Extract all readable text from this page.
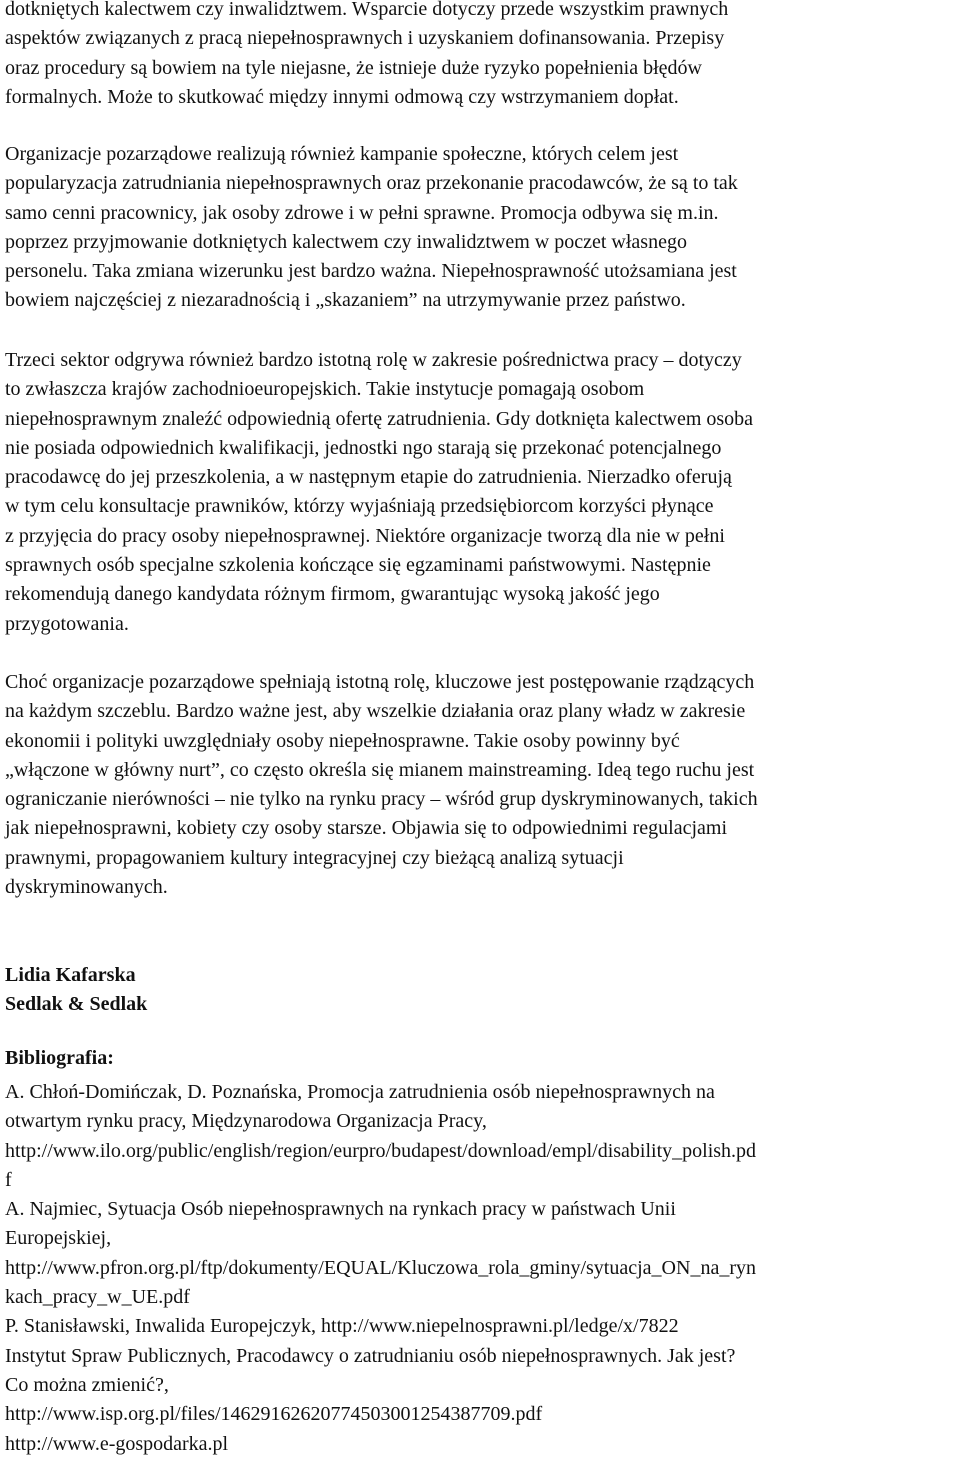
dotkniętych kalectwem czy inwalidztwem. Wsparcie dotyczy przede wszystkim prawnych
aspektów związanych z pracą niepełnosprawnych i uzyskaniem dofinansowania. Przepisy
oraz procedury są bowiem na tyle niejasne, że istnieje duże ryzyko popełnienia błędów
formalnych. Może to skutkować między innymi odmową czy wstrzymaniem dopłat.

Organizacje pozarządowe realizują również kampanie społeczne, których celem jest
popularyzacja zatrudniania niepełnosprawnych oraz przekonanie pracodawców, że są to tak
samo cenni pracownicy, jak osoby zdrowe i w pełni sprawne. Promocja odbywa się m.in.
poprzez przyjmowanie dotkniętych kalectwem czy inwalidztwem w poczet własnego
personelu. Taka zmiana wizerunku jest bardzo ważna. Niepełnosprawność utożsamiana jest
bowiem najczęściej z niezaradnością i „skazaniem” na utrzymywanie przez państwo.

Trzeci sektor odgrywa również bardzo istotną rolę w zakresie pośrednictwa pracy – dotyczy
to zwłaszcza krajów zachodnioeuropejskich. Takie instytucje pomagają osobom
niepełnosprawnym znaleźć odpowiednią ofertę zatrudnienia. Gdy dotknięta kalectwem osoba
nie posiada odpowiednich kwalifikacji, jednostki ngo starają się przekonać potencjalnego
pracodawcę do jej przeszkolenia, a w następnym etapie do zatrudnienia. Nierzadko oferują
w tym celu konsultacje prawników, którzy wyjaśniają przedsiębiorcom korzyści płynące
z przyjęcia do pracy osoby niepełnosprawnej. Niektóre organizacje tworzą dla nie w pełni
sprawnych osób specjalne szkolenia kończące się egzaminami państwowymi. Następnie
rekomendują danego kandydata różnym firmom, gwarantując wysoką jakość jego
przygotowania.

Choć organizacje pozarządowe spełniają istotną rolę, kluczowe jest postępowanie rządzących
na każdym szczeblu. Bardzo ważne jest, aby wszelkie działania oraz plany władz w zakresie
ekonomii i polityki uwzględniały osoby niepełnosprawne. Takie osoby powinny być
„włączone w główny nurt”, co często określa się mianem mainstreaming. Ideą tego ruchu jest
ograniczanie nierówności – nie tylko na rynku pracy – wśród grup dyskryminowanych, takich
jak niepełnosprawni, kobiety czy osoby starsze. Objawia się to odpowiednimi regulacjami
prawnymi, propagowaniem kultury integracyjnej czy bieżącą analizą sytuacji
dyskryminowanych.

Lidia Kafarska
Sedlak & Sedlak
Bibliografia:
A. Chłoń-Domińczak, D. Poznańska, Promocja zatrudnienia osób niepełnosprawnych na
otwartym rynku pracy, Międzynarodowa Organizacja Pracy,
http://www.ilo.org/public/english/region/eurpro/budapest/download/empl/disability_polish.pd
f
A. Najmiec, Sytuacja Osób niepełnosprawnych na rynkach pracy w państwach Unii
Europejskiej,
http://www.pfron.org.pl/ftp/dokumenty/EQUAL/Kluczowa_rola_gminy/sytuacja_ON_na_ryn
kach_pracy_w_UE.pdf
P. Stanisławski, Inwalida Europejczyk, http://www.niepelnosprawni.pl/ledge/x/7822
Instytut Spraw Publicznych, Pracodawcy o zatrudnianiu osób niepełnosprawnych. Jak jest?
Co można zmienić?,
http://www.isp.org.pl/files/14629162620774503001254387709.pdf
http://www.e-gospodarka.pl
